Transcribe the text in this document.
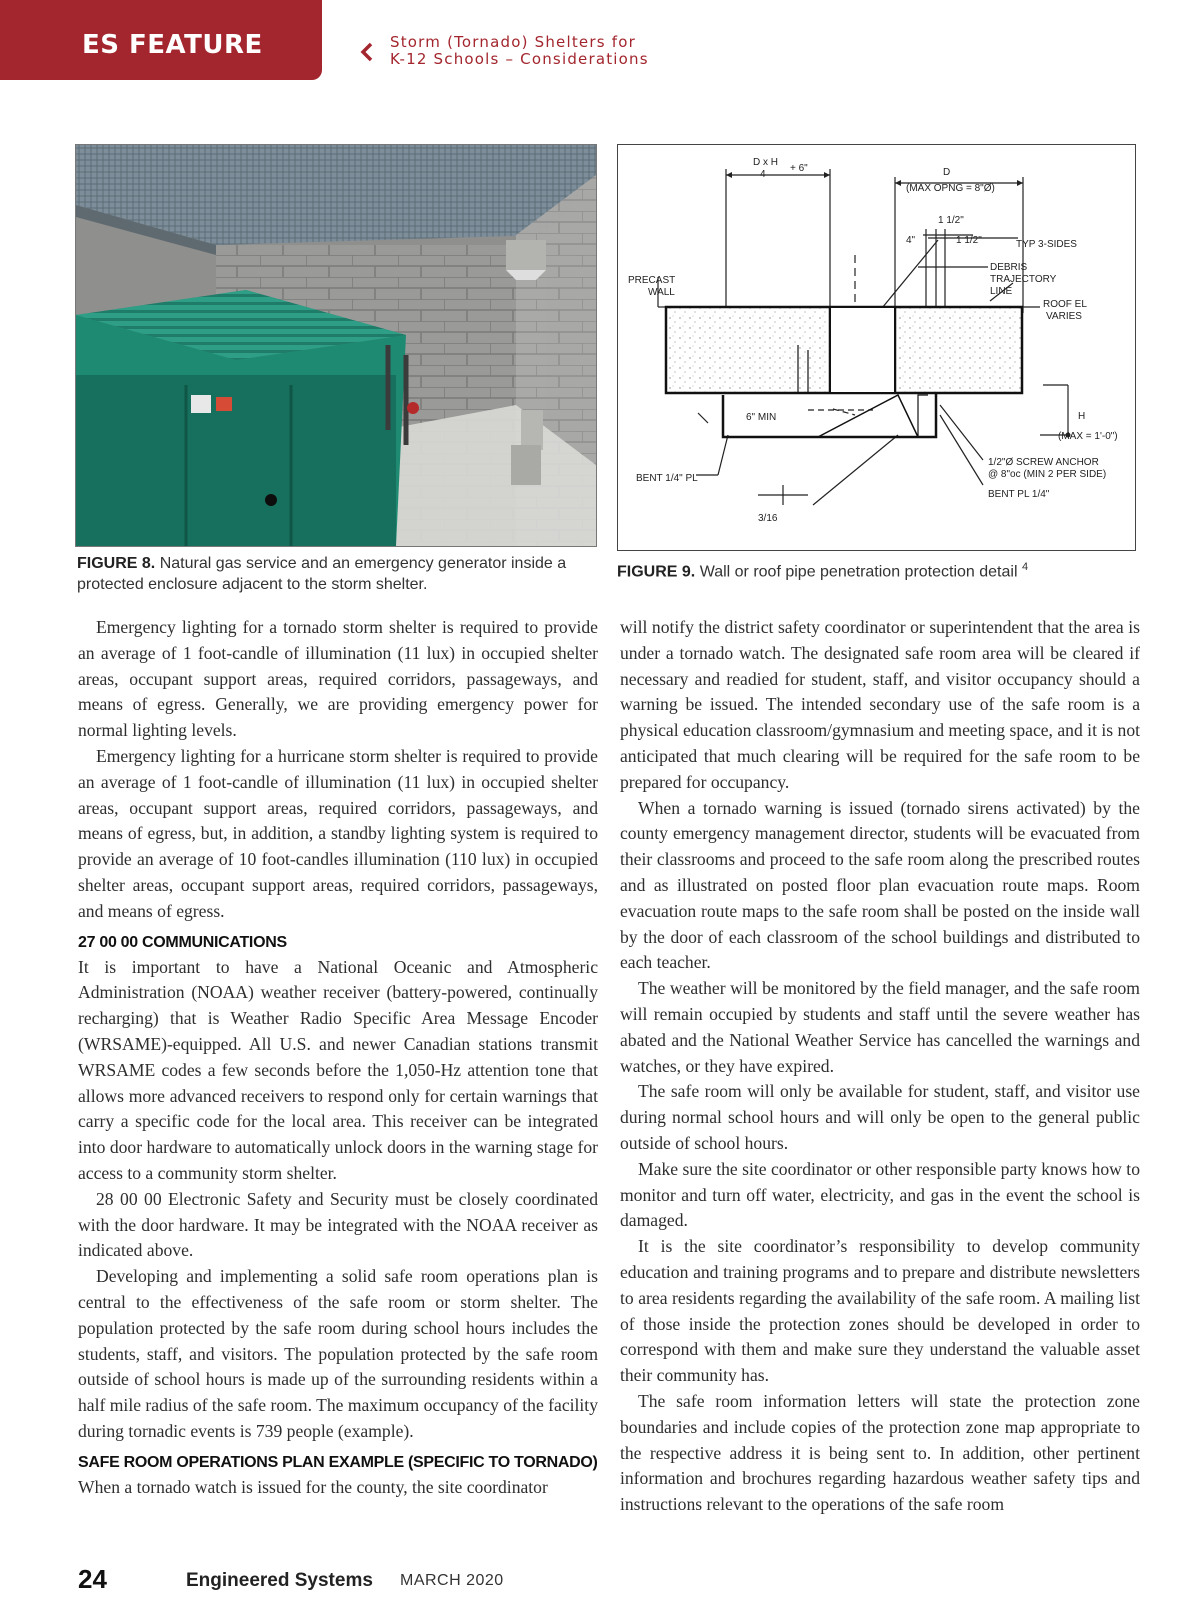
ES FEATURE	Storm (Tornado) Shelters for
K-12 Schools – Considerations
D x H
4
+ 6"	D
(MAX OPNG = 8"Ø)
1 1/2"
4"	1 1/2"	TYP 3-SIDES
DEBRIS
TRAJECTORY
LINE
ROOF EL
VARIES
PRECAST
WALL
6" MIN	H
(MAX = 1'-0")
BENT 1/4" PL
1/2"Ø SCREW ANCHOR
@ 8"oc (MIN 2 PER SIDE)
BENT PL 1/4"
3/16
FIGURE 8. Natural gas service and an emergency generator inside a protected enclosure adjacent to the storm shelter.
FIGURE 9. Wall or roof pipe penetration protection detail $^4$

Emergency lighting for a tornado storm shelter is required to provide an average of 1 foot-candle of illumination (11 lux) in occupied shelter areas, occupant support areas, required corridors, passageways, and means of egress. Generally, we are providing emergency power for normal lighting levels.

Emergency lighting for a hurricane storm shelter is required to provide an average of 1 foot-candle of illumination (11 lux) in occupied shelter areas, occupant support areas, required corridors, passageways, and means of egress, but, in addition, a standby lighting system is required to provide an average of 10 foot-candles illumination (110 lux) in occupied shelter areas, occupant support areas, required corridors, passageways, and means of egress.

27 00 00 COMMUNICATIONS

It is important to have a National Oceanic and Atmospheric Administration (NOAA) weather receiver (battery-powered, continually recharging) that is Weather Radio Specific Area Message Encoder (WRSAME)-equipped. All U.S. and newer Canadian stations transmit WRSAME codes a few seconds before the 1,050-Hz attention tone that allows more advanced receivers to respond only for certain warnings that carry a specific code for the local area. This receiver can be integrated into door hardware to automatically unlock doors in the warning stage for access to a community storm shelter.

28 00 00 Electronic Safety and Security must be closely coordinated with the door hardware. It may be integrated with the NOAA receiver as indicated above.

Developing and implementing a solid safe room operations plan is central to the effectiveness of the safe room or storm shelter. The population protected by the safe room during school hours includes the students, staff, and visitors. The population protected by the safe room outside of school hours is made up of the surrounding residents within a half mile radius of the safe room. The maximum occupancy of the facility during tornadic events is 739 people (example).

SAFE ROOM OPERATIONS PLAN EXAMPLE (SPECIFIC TO TORNADO)

When a tornado watch is issued for the county, the site coordinator

will notify the district safety coordinator or superintendent that the area is under a tornado watch. The designated safe room area will be cleared if necessary and readied for student, staff, and visitor occupancy should a warning be issued. The intended secondary use of the safe room is a physical education classroom/gymnasium and meeting space, and it is not anticipated that much clearing will be required for the safe room to be prepared for occupancy.

When a tornado warning is issued (tornado sirens activated) by the county emergency management director, students will be evacuated from their classrooms and proceed to the safe room along the prescribed routes and as illustrated on posted floor plan evacuation route maps. Room evacuation route maps to the safe room shall be posted on the inside wall by the door of each classroom of the school buildings and distributed to each teacher.

The weather will be monitored by the field manager, and the safe room will remain occupied by students and staff until the severe weather has abated and the National Weather Service has cancelled the warnings and watches, or they have expired.

The safe room will only be available for student, staff, and visitor use during normal school hours and will only be open to the general public outside of school hours.

Make sure the site coordinator or other responsible party knows how to monitor and turn off water, electricity, and gas in the event the school is damaged.

It is the site coordinator’s responsibility to develop community education and training programs and to prepare and distribute newsletters to area residents regarding the availability of the safe room. A mailing list of those inside the protection zones should be developed in order to correspond with them and make sure they understand the valuable asset their community has.

The safe room information letters will state the protection zone boundaries and include copies of the protection zone map appropriate to the respective address it is being sent to. In addition, other pertinent information and brochures regarding hazardous weather safety tips and instructions relevant to the operations of the safe room

24	Engineered Systems MARCH 2020
